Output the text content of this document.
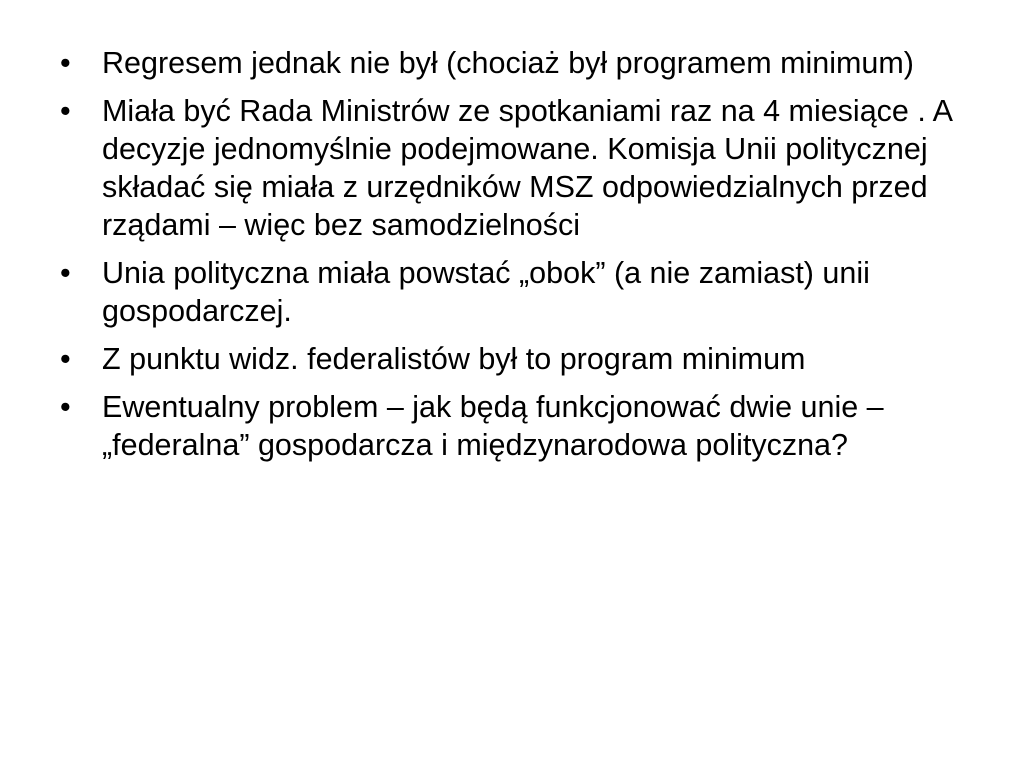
•	Regresem jednak nie był (chociaż był programem minimum)
•	Miała być Rada Ministrów ze spotkaniami raz na 4 miesiące . A decyzje jednomyślnie podejmowane. Komisja Unii politycznej składać się miała z urzędników MSZ odpowiedzialnych przed rządami – więc bez samodzielności
•	Unia polityczna miała powstać „obok” (a nie zamiast) unii gospodarczej.
•	Z punktu widz. federalistów był to program minimum
•	Ewentualny problem – jak będą funkcjonować dwie unie – „federalna” gospodarcza i międzynarodowa polityczna?
